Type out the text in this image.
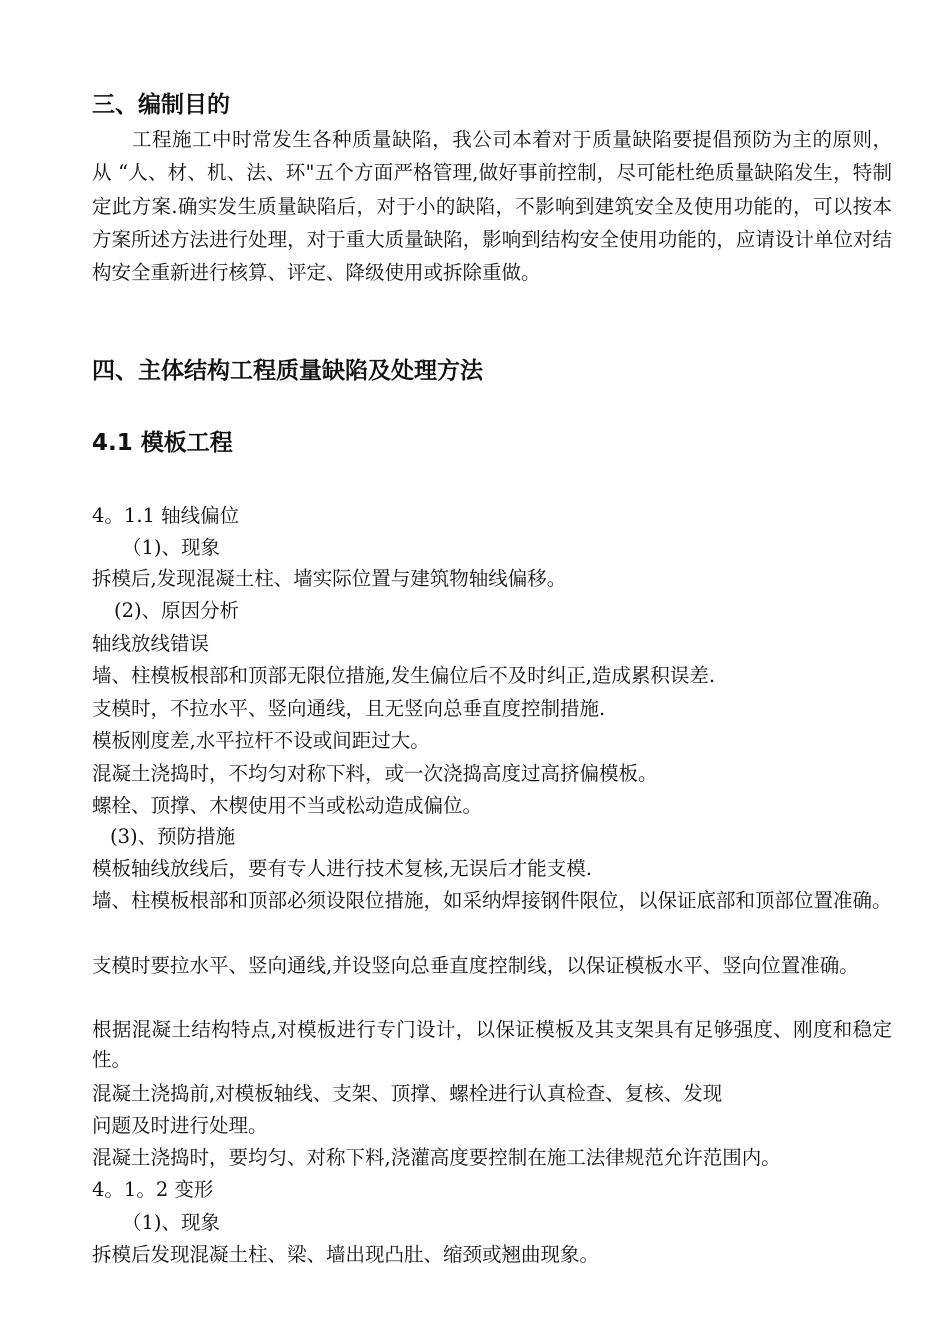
三、编制目的

工程施工中时常发生各种质量缺陷，我公司本着对于质量缺陷要提倡预防为主的原则，从 “人、材、机、法、环"五个方面严格管理,做好事前控制，尽可能杜绝质量缺陷发生，特制定此方案.确实发生质量缺陷后，对于小的缺陷，不影响到建筑安全及使用功能的，可以按本方案所述方法进行处理，对于重大质量缺陷，影响到结构安全使用功能的，应请设计单位对结构安全重新进行核算、评定、降级使用或拆除重做。

四、主体结构工程质量缺陷及处理方法
4.1 模板工程

4。1.1 轴线偏位

（1)、现象

拆模后,发现混凝土柱、墙实际位置与建筑物轴线偏移。

(2)、原因分析

轴线放线错误

墙、柱模板根部和顶部无限位措施,发生偏位后不及时纠正,造成累积误差.

支模时，不拉水平、竖向通线，且无竖向总垂直度控制措施.

模板刚度差,水平拉杆不设或间距过大。

混凝土浇捣时，不均匀对称下料，或一次浇捣高度过高挤偏模板。

螺栓、顶撑、木楔使用不当或松动造成偏位。

(3)、预防措施

模板轴线放线后，要有专人进行技术复核,无误后才能支模.

墙、柱模板根部和顶部必须设限位措施，如采纳焊接钢件限位，以保证底部和顶部位置准确。

支模时要拉水平、竖向通线,并设竖向总垂直度控制线，以保证模板水平、竖向位置准确。

根据混凝土结构特点,对模板进行专门设计，以保证模板及其支架具有足够强度、刚度和稳定性。

混凝土浇捣前,对模板轴线、支架、顶撑、螺栓进行认真检查、复核、发现

问题及时进行处理。

混凝土浇捣时，要均匀、对称下料,浇灌高度要控制在施工法律规范允许范围内。

4。1。2 变形

（1)、现象

拆模后发现混凝土柱、梁、墙出现凸肚、缩颈或翘曲现象。
